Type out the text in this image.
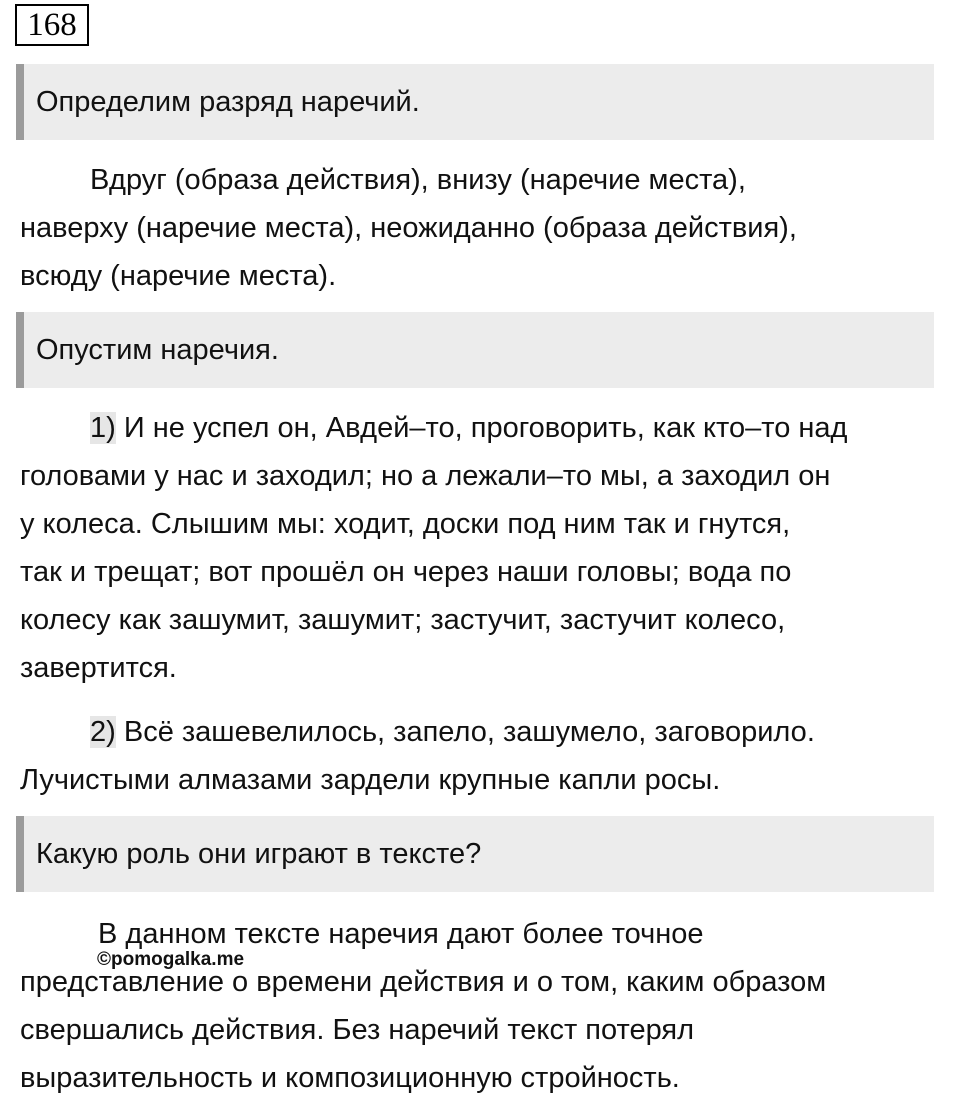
168
Определим разряд наречий.
Вдруг (образа действия), внизу (наречие места),
наверху (наречие места), неожиданно (образа действия),
всюду (наречие места).
Опустим наречия.
1) И не успел он, Авдей–то, проговорить, как кто–то над
головами у нас и заходил; но а лежали–то мы, а заходил он
у колеса. Слышим мы: ходит, доски под ним так и гнутся,
так и трещат; вот прошёл он через наши головы; вода по
колесу как зашумит, зашумит; застучит, застучит колесо,
завертится.
2) Всё зашевелилось, запело, зашумело, заговорило.
Лучистыми алмазами зардели крупные капли росы.
Какую роль они играют в тексте?
В данном тексте наречия дают более точное
представление о времени действия и о том, каким образом
свершались действия. Без наречий текст потерял
выразительность и композиционную стройность.
©pomogalka.me
